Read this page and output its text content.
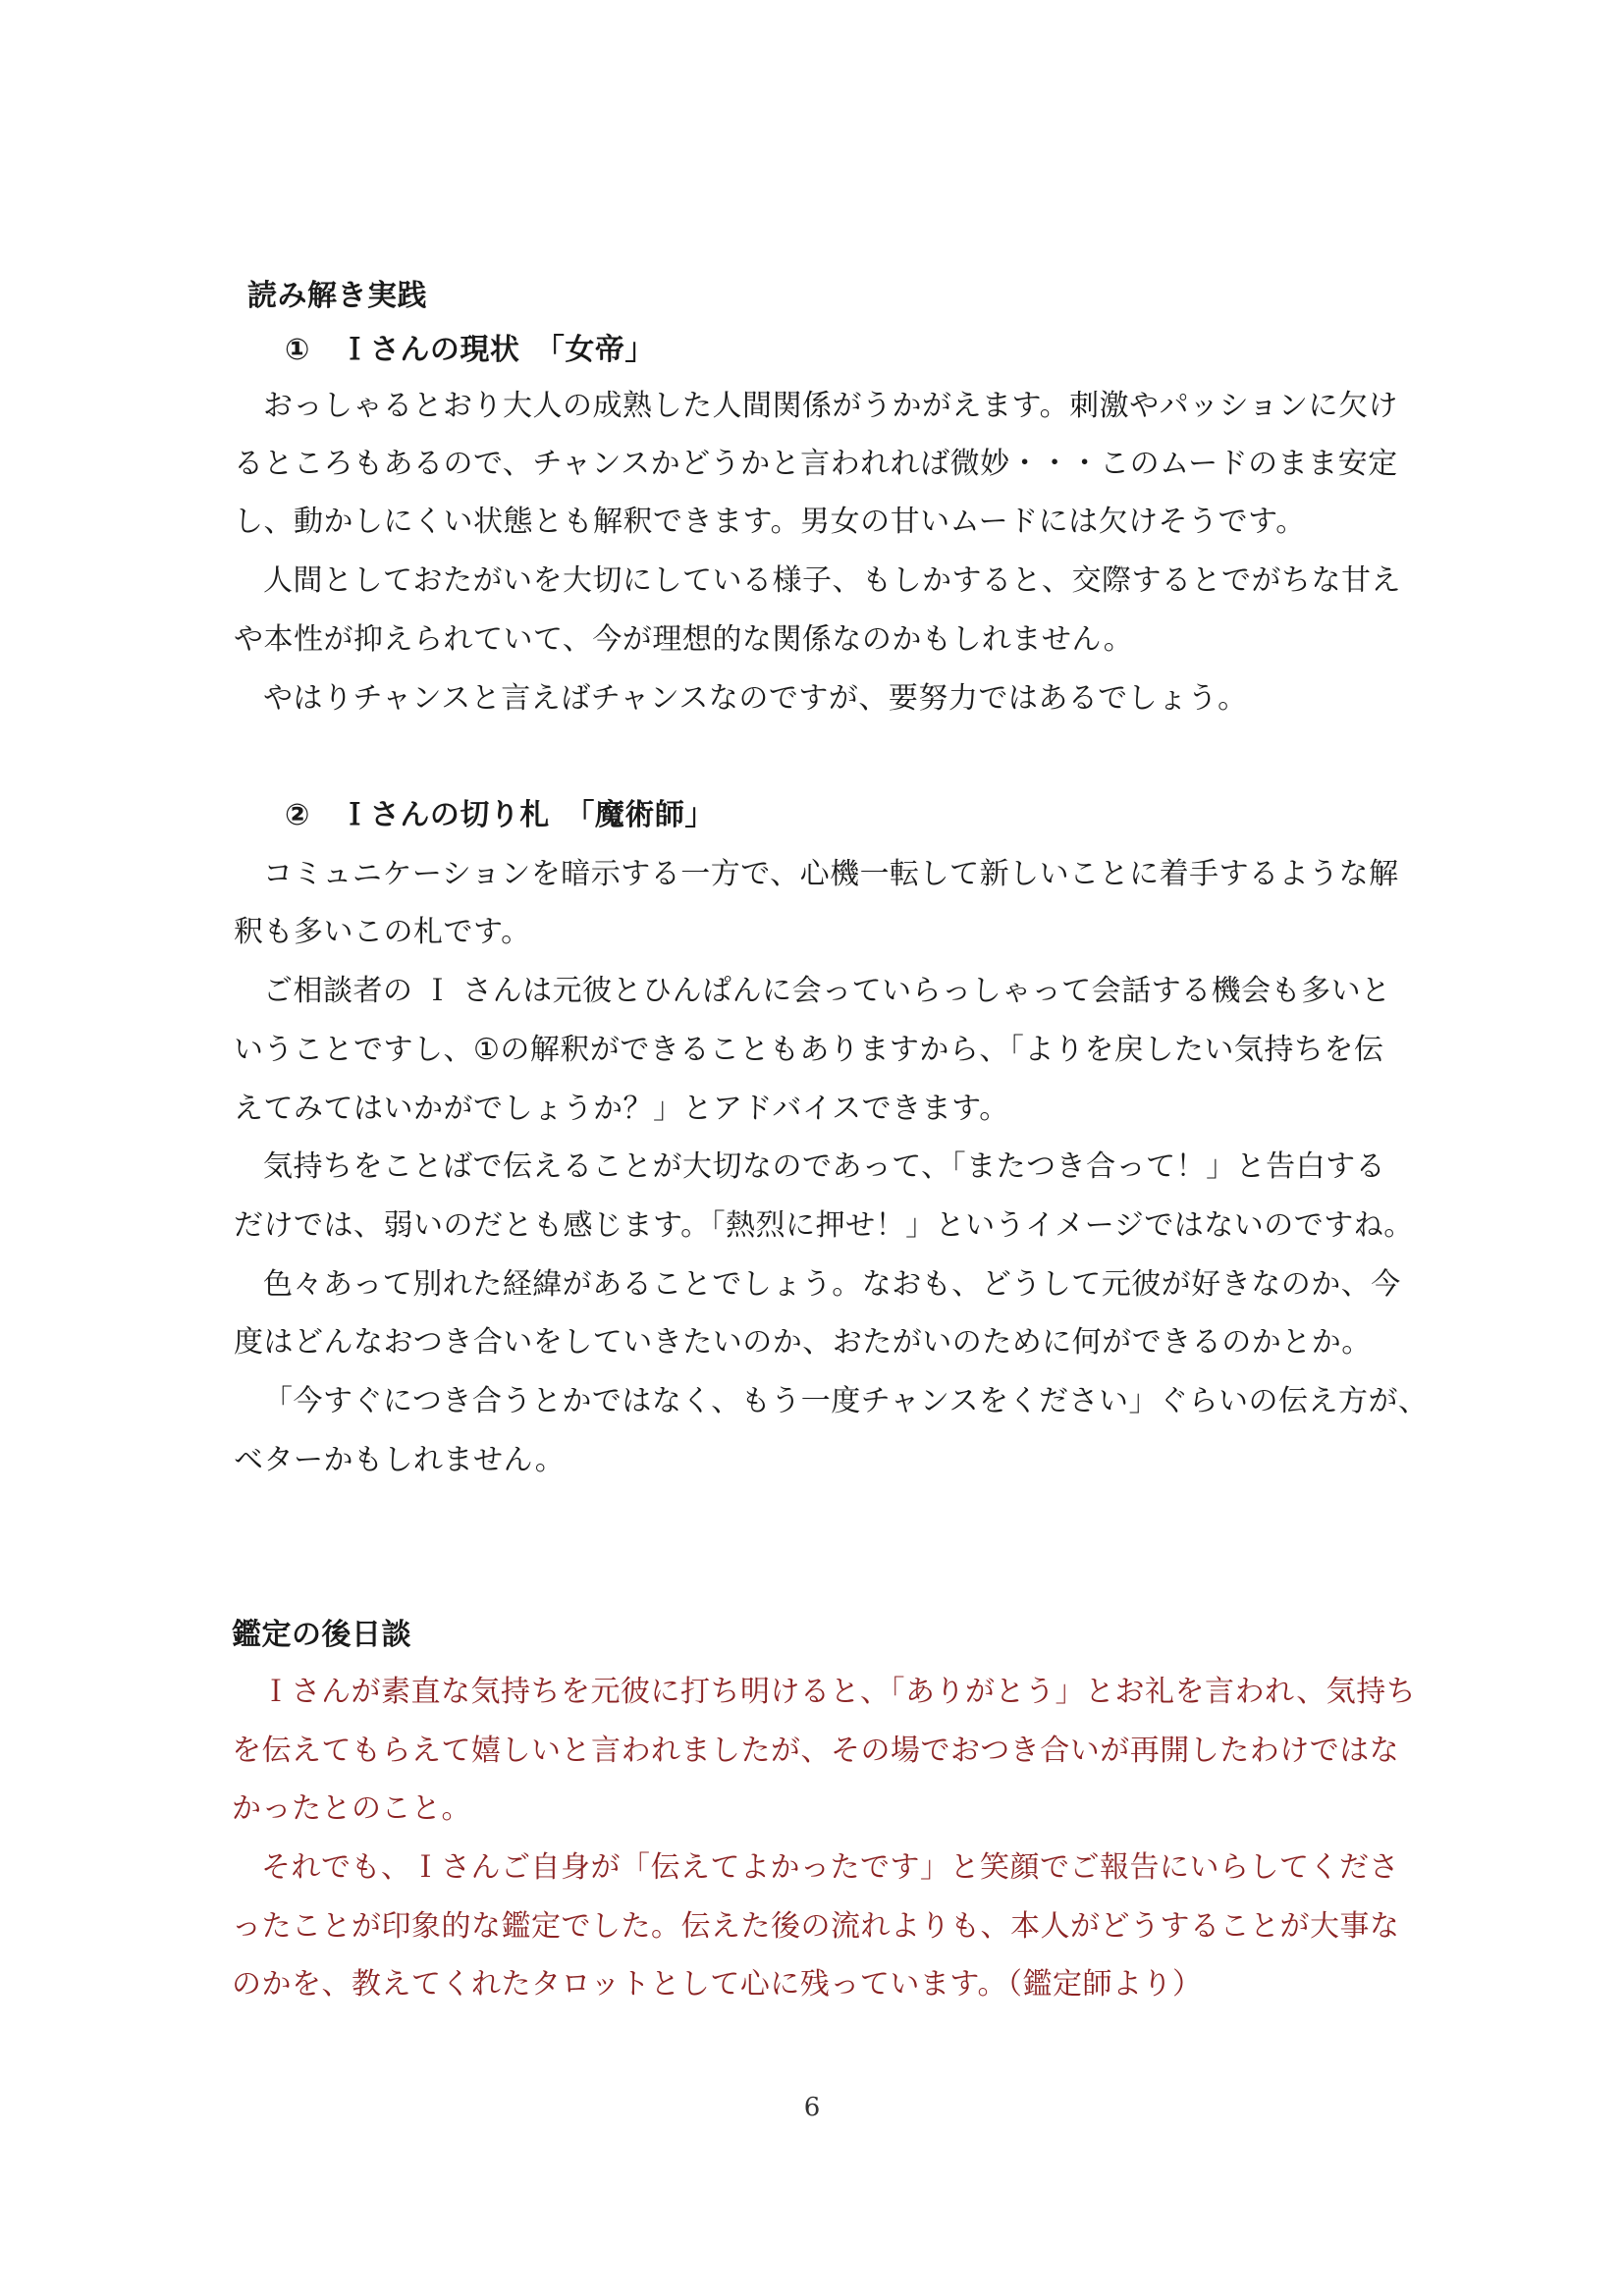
読み解き実践
①　Ｉさんの現状　「女帝」
おっしゃるとおり大人の成熟した人間関係がうかがえます。刺激やパッションに欠け
るところもあるので、チャンスかどうかと言われれば微妙・・・このムードのまま安定
し、動かしにくい状態とも解釈できます。男女の甘いムードには欠けそうです。
人間としておたがいを大切にしている様子、もしかすると、交際するとでがちな甘え
や本性が抑えられていて、今が理想的な関係なのかもしれません。
やはりチャンスと言えばチャンスなのですが、要努力ではあるでしょう。
②　Ｉさんの切り札　「魔術師」
コミュニケーションを暗示する一方で、心機一転して新しいことに着手するような解
釈も多いこの札です。
ご相談者の Ｉ さんは元彼とひんぱんに会っていらっしゃって会話する機会も多いと
いうことですし、①の解釈ができることもありますから、「よりを戻したい気持ちを伝
えてみてはいかがでしょうか？」とアドバイスできます。
気持ちをことばで伝えることが大切なのであって、「またつき合って！」と告白する
だけでは、弱いのだとも感じます。「熱烈に押せ！」というイメージではないのですね。
色々あって別れた経緯があることでしょう。なおも、どうして元彼が好きなのか、今
度はどんなおつき合いをしていきたいのか、おたがいのために何ができるのかとか。
「今すぐにつき合うとかではなく、もう一度チャンスをください」ぐらいの伝え方が、
ベターかもしれません。
鑑定の後日談
Ｉさんが素直な気持ちを元彼に打ち明けると、「ありがとう」とお礼を言われ、気持ち
を伝えてもらえて嬉しいと言われましたが、その場でおつき合いが再開したわけではな
かったとのこと。
それでも、Ｉさんご自身が「伝えてよかったです」と笑顔でご報告にいらしてくださ
ったことが印象的な鑑定でした。伝えた後の流れよりも、本人がどうすることが大事な
のかを、教えてくれたタロットとして心に残っています。（鑑定師より）
6
